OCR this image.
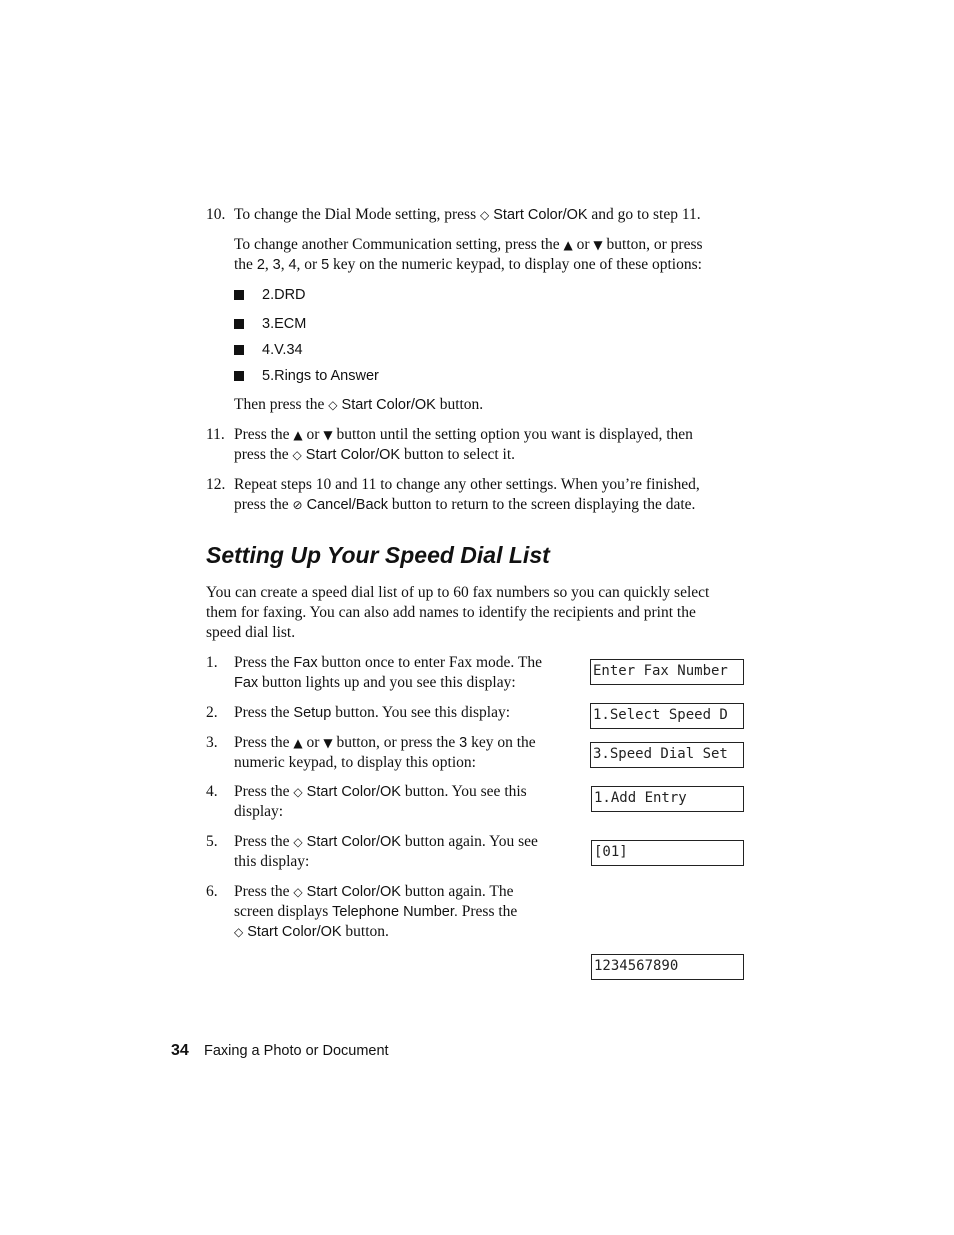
10. To change the Dial Mode setting, press ◇ Start Color/OK and go to step 11.
To change another Communication setting, press the ▲ or ▼ button, or press
the 2, 3, 4, or 5 key on the numeric keypad, to display one of these options:
2.DRD
3.ECM
4.V.34
5.Rings to Answer
Then press the ◇ Start Color/OK button.
11. Press the ▲ or ▼ button until the setting option you want is displayed, then
press the ◇ Start Color/OK button to select it.
12. Repeat steps 10 and 11 to change any other settings. When you’re finished,
press the ⊘ Cancel/Back button to return to the screen displaying the date.
Setting Up Your Speed Dial List
You can create a speed dial list of up to 60 fax numbers so you can quickly select
them for faxing. You can also add names to identify the recipients and print the
speed dial list.
1.	Press the Fax button once to enter Fax mode. The
Fax button lights up and you see this display:
2.	Press the Setup button. You see this display:
3.	Press the ▲ or ▼ button, or press the 3 key on the
numeric keypad, to display this option:
4.	Press the ◇ Start Color/OK button. You see this
display:
5.	Press the ◇ Start Color/OK button again. You see
this display:
6.	Press the ◇ Start Color/OK button again. The
screen displays Telephone Number. Press the
◇ Start Color/OK button.
Enter Fax Number
1.Select Speed D
3.Speed Dial Set
1.Add Entry
[01]
1234567890
34 Faxing a Photo or Document
